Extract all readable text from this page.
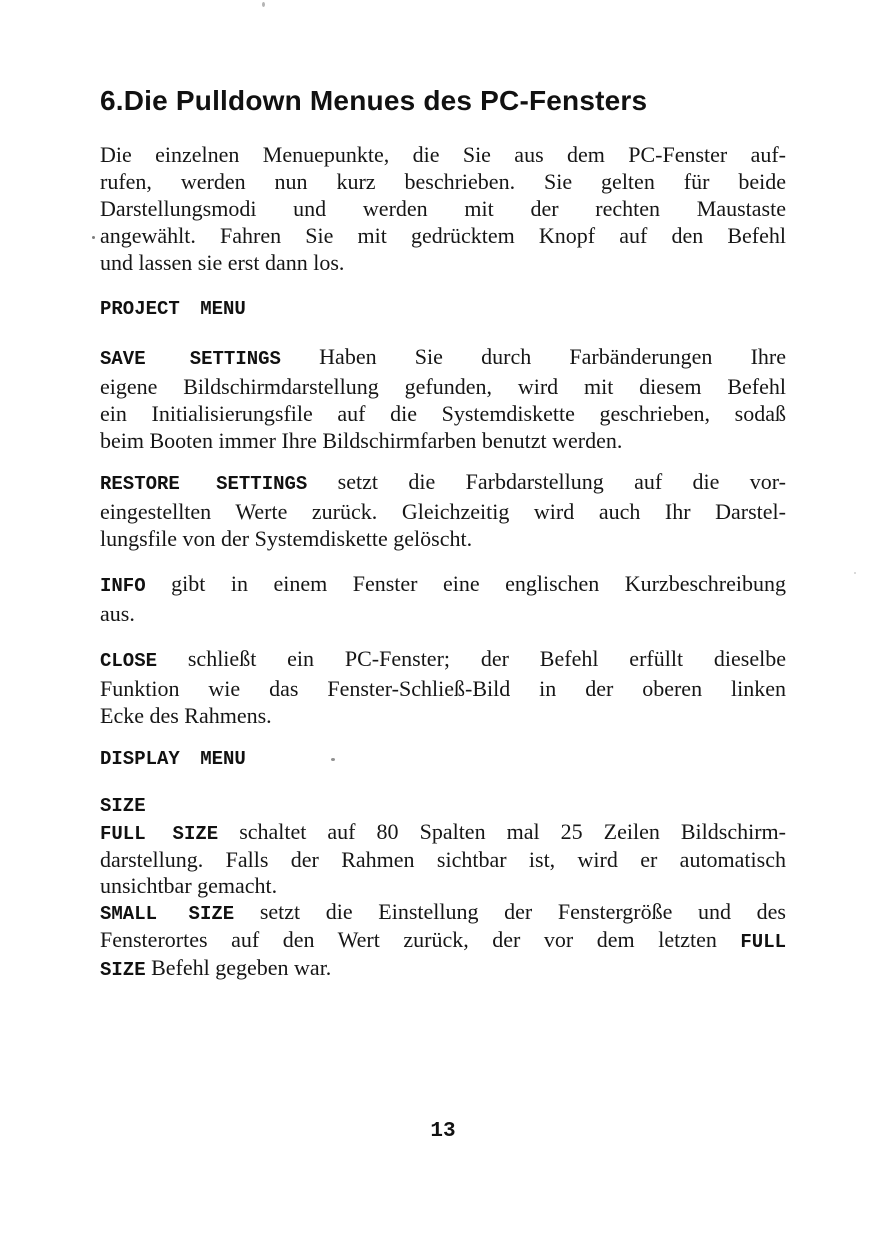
6.Die Pulldown Menues des PC-Fensters
Die einzelnen Menuepunkte, die Sie aus dem PC-Fenster auf-
rufen, werden nun kurz beschrieben. Sie gelten für beide
Darstellungsmodi und werden mit der rechten Maustaste
angewählt. Fahren Sie mit gedrücktem Knopf auf den Befehl
und lassen sie erst dann los.
PROJECT MENU
SAVE SETTINGS Haben Sie durch Farbänderungen Ihre
eigene Bildschirmdarstellung gefunden, wird mit diesem Befehl
ein Initialisierungsfile auf die Systemdiskette geschrieben, sodaß
beim Booten immer Ihre Bildschirmfarben benutzt werden.
RESTORE SETTINGS setzt die Farbdarstellung auf die vor-
eingestellten Werte zurück. Gleichzeitig wird auch Ihr Darstel-
lungsfile von der Systemdiskette gelöscht.
INFO gibt in einem Fenster eine englischen Kurzbeschreibung
aus.
CLOSE schließt ein PC-Fenster; der Befehl erfüllt dieselbe
Funktion wie das Fenster-Schließ-Bild in der oberen linken
Ecke des Rahmens.
DISPLAY MENU
SIZE
FULL SIZE schaltet auf 80 Spalten mal 25 Zeilen Bildschirm-
darstellung. Falls der Rahmen sichtbar ist, wird er automatisch
unsichtbar gemacht.
SMALL SIZE setzt die Einstellung der Fenstergröße und des
Fensterortes auf den Wert zurück, der vor dem letzten FULL
SIZE Befehl gegeben war.
13
